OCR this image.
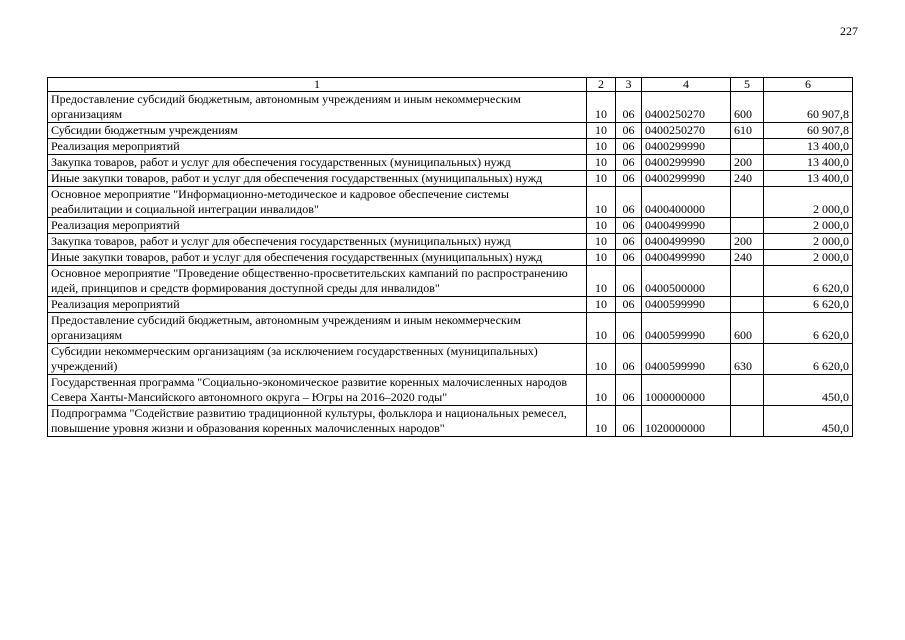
227
1	2	3	4	5	6
Предоставление субсидий бюджетным, автономным учреждениям и иным некоммерческим организациям	10	06	0400250270	600	60 907,8
Субсидии бюджетным учреждениям	10	06	0400250270	610	60 907,8
Реализация мероприятий	10	06	0400299990		13 400,0
Закупка товаров, работ и услуг для обеспечения государственных (муниципальных) нужд	10	06	0400299990	200	13 400,0
Иные закупки товаров, работ и услуг для обеспечения государственных (муниципальных) нужд	10	06	0400299990	240	13 400,0
Основное мероприятие "Информационно-методическое и кадровое обеспечение системы реабилитации и социальной интеграции инвалидов"	10	06	0400400000		2 000,0
Реализация мероприятий	10	06	0400499990		2 000,0
Закупка товаров, работ и услуг для обеспечения государственных (муниципальных) нужд	10	06	0400499990	200	2 000,0
Иные закупки товаров, работ и услуг для обеспечения государственных (муниципальных) нужд	10	06	0400499990	240	2 000,0
Основное мероприятие "Проведение общественно-просветительских кампаний по распространению идей, принципов и средств формирования доступной среды для инвалидов"	10	06	0400500000		6 620,0
Реализация мероприятий	10	06	0400599990		6 620,0
Предоставление субсидий бюджетным, автономным учреждениям и иным некоммерческим организациям	10	06	0400599990	600	6 620,0
Субсидии некоммерческим организациям (за исключением государственных (муниципальных) учреждений)	10	06	0400599990	630	6 620,0
Государственная программа "Социально-экономическое развитие коренных малочисленных народов Севера Ханты-Мансийского автономного округа – Югры на 2016–2020 годы"	10	06	1000000000		450,0
Подпрограмма "Содействие развитию традиционной культуры, фольклора и национальных ремесел, повышение уровня жизни и образования коренных малочисленных народов"	10	06	1020000000		450,0
